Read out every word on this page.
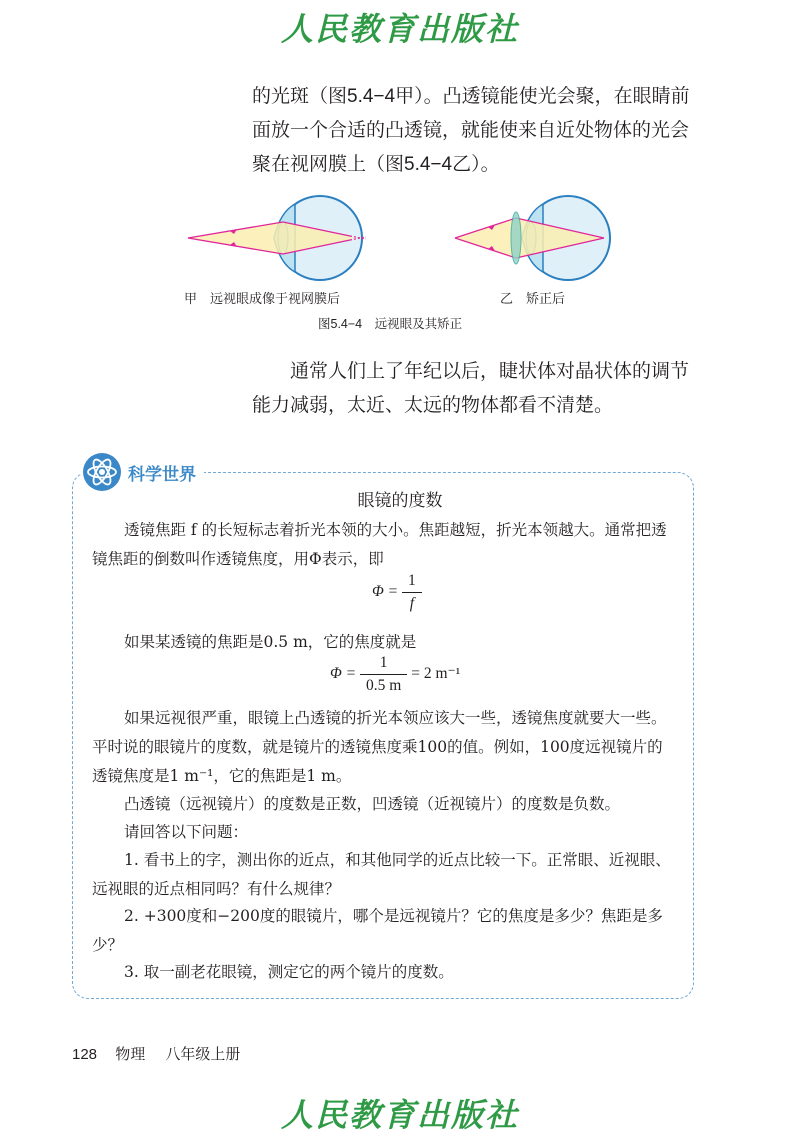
人民教育出版社

的光斑（图5.4−4甲）。凸透镜能使光会聚，在眼睛前面放一个合适的凸透镜，就能使来自近处物体的光会聚在视网膜上（图5.4−4乙）。

甲　远视眼成像于视网膜后	乙　矫正后
图5.4−4　远视眼及其矫正

通常人们上了年纪以后，睫状体对晶状体的调节能力减弱，太近、太远的物体都看不清楚。

科学世界
眼镜的度数

透镜焦距 f 的长短标志着折光本领的大小。焦距越短，折光本领越大。通常把透镜焦距的倒数叫作透镜焦度，用Φ表示，即

$\Phi = \frac{1}{f}$

如果某透镜的焦距是0.5 m，它的焦度就是

$\Phi = \frac{1}{0.5 m} = 2$ m⁻¹

如果远视很严重，眼镜上凸透镜的折光本领应该大一些，透镜焦度就要大一些。平时说的眼镜片的度数，就是镜片的透镜焦度乘100的值。例如，100度远视镜片的透镜焦度是1 m⁻¹，它的焦距是1 m。

凸透镜（远视镜片）的度数是正数，凹透镜（近视镜片）的度数是负数。

请回答以下问题：

1. 看书上的字，测出你的近点，和其他同学的近点比较一下。正常眼、近视眼、远视眼的近点相同吗？有什么规律？

2. +300度和−200度的眼镜片，哪个是远视镜片？它的焦度是多少？焦距是多少？

3. 取一副老花眼镜，测定它的两个镜片的度数。

128 物理 八年级上册
人民教育出版社
